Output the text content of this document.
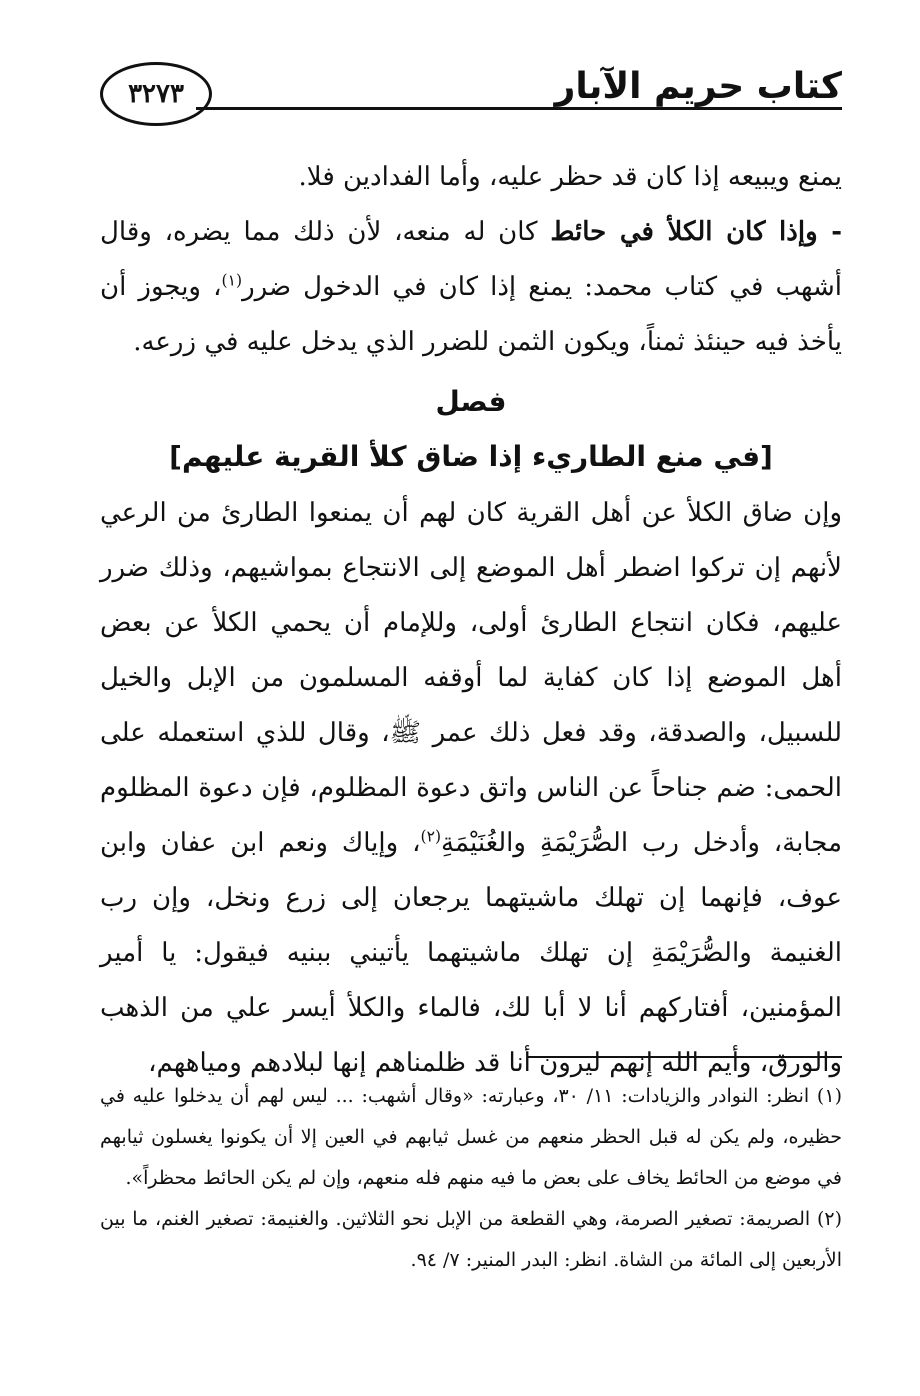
٣٢٧٣	كتاب حريم الآبار

يمنع ويبيعه إذا كان قد حظر عليه، وأما الفدادين فلا.

- وإذا كان الكلأ في حائط كان له منعه، لأن ذلك مما يضره، وقال أشهب في كتاب محمد: يمنع إذا كان في الدخول ضرر$^{(١)}$، ويجوز أن يأخذ فيه حينئذ ثمناً، ويكون الثمن للضرر الذي يدخل عليه في زرعه.

فصل

[في منع الطاريء إذا ضاق كلأ القرية عليهم]

وإن ضاق الكلأ عن أهل القرية كان لهم أن يمنعوا الطارئ من الرعي لأنهم إن تركوا اضطر أهل الموضع إلى الانتجاع بمواشيهم، وذلك ضرر عليهم، فكان انتجاع الطارئ أولى، وللإمام أن يحمي الكلأ عن بعض أهل الموضع إذا كان كفاية لما أوقفه المسلمون من الإبل والخيل للسبيل، والصدقة، وقد فعل ذلك عمر ﷺ، وقال للذي استعمله على الحمى: ضم جناحاً عن الناس واتق دعوة المظلوم، فإن دعوة المظلوم مجابة، وأدخل رب الصُّرَيْمَةِ والغُنَيْمَةِ$^{(٢)}$، وإياك ونعم ابن عفان وابن عوف، فإنهما إن تهلك ماشيتهما يرجعان إلى زرع ونخل، وإن رب الغنيمة والصُّرَيْمَةِ إن تهلك ماشيتهما يأتيني ببنيه فيقول: يا أمير المؤمنين، أفتاركهم أنا لا أبا لك، فالماء والكلأ أيسر علي من الذهب والورق، وأيم الله إنهم ليرون أنا قد ظلمناهم إنها لبلادهم ومياههم،

(١) انظر: النوادر والزيادات: ١١/ ٣٠، وعبارته: «وقال أشهب: ... ليس لهم أن يدخلوا عليه في حظيره، ولم يكن له قبل الحظر منعهم من غسل ثيابهم في العين إلا أن يكونوا يغسلون ثيابهم في موضع من الحائط يخاف على بعض ما فيه منهم فله منعهم، وإن لم يكن الحائط محظراً».

(٢) الصريمة: تصغير الصرمة، وهي القطعة من الإبل نحو الثلاثين. والغنيمة: تصغير الغنم، ما بين الأربعين إلى المائة من الشاة. انظر: البدر المنير: ٧/ ٩٤.
